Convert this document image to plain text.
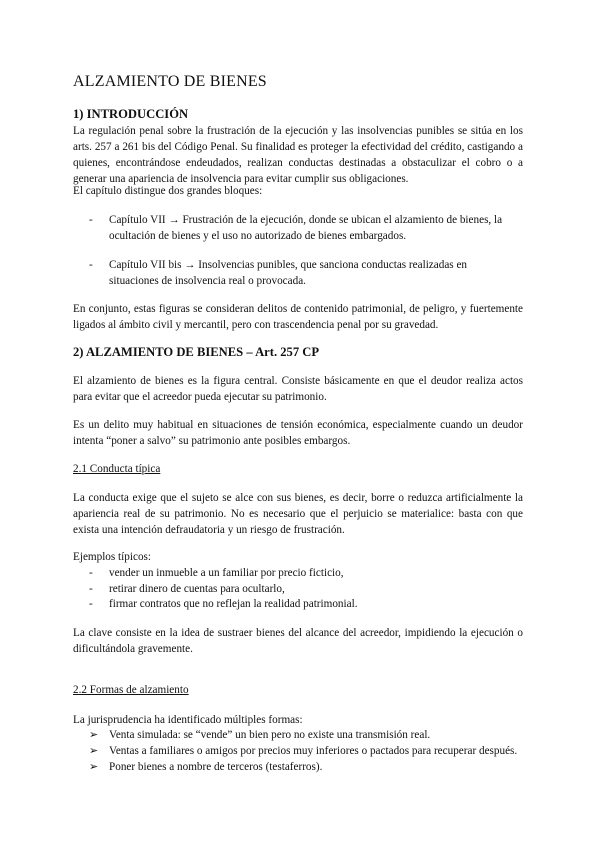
ALZAMIENTO DE BIENES
1) INTRODUCCIÓN

La regulación penal sobre la frustración de la ejecución y las insolvencias punibles se sitúa en los arts. 257 a 261 bis del Código Penal. Su finalidad es proteger la efectividad del crédito, castigando a quienes, encontrándose endeudados, realizan conductas destinadas a obstaculizar el cobro o a generar una apariencia de insolvencia para evitar cumplir sus obligaciones.

El capítulo distingue dos grandes bloques:

-	Capítulo VII → Frustración de la ejecución, donde se ubican el alzamiento de bienes, la ocultación de bienes y el uso no autorizado de bienes embargados.
-	Capítulo VII bis → Insolvencias punibles, que sanciona conductas realizadas en situaciones de insolvencia real o provocada.

En conjunto, estas figuras se consideran delitos de contenido patrimonial, de peligro, y fuertemente ligados al ámbito civil y mercantil, pero con trascendencia penal por su gravedad.

2) ALZAMIENTO DE BIENES – Art. 257 CP

El alzamiento de bienes es la figura central. Consiste básicamente en que el deudor realiza actos para evitar que el acreedor pueda ejecutar su patrimonio.

Es un delito muy habitual en situaciones de tensión económica, especialmente cuando un deudor intenta “poner a salvo” su patrimonio ante posibles embargos.

2.1 Conducta típica

La conducta exige que el sujeto se alce con sus bienes, es decir, borre o reduzca artificialmente la apariencia real de su patrimonio. No es necesario que el perjuicio se materialice: basta con que exista una intención defraudatoria y un riesgo de frustración.

Ejemplos típicos:

-	vender un inmueble a un familiar por precio ficticio,
-	retirar dinero de cuentas para ocultarlo,
-	firmar contratos que no reflejan la realidad patrimonial.

La clave consiste en la idea de sustraer bienes del alcance del acreedor, impidiendo la ejecución o dificultándola gravemente.

2.2 Formas de alzamiento

La jurisprudencia ha identificado múltiples formas:

➢ Venta simulada: se “vende” un bien pero no existe una transmisión real.
➢ Ventas a familiares o amigos por precios muy inferiores o pactados para recuperar después.
➢ Poner bienes a nombre de terceros (testaferros).
